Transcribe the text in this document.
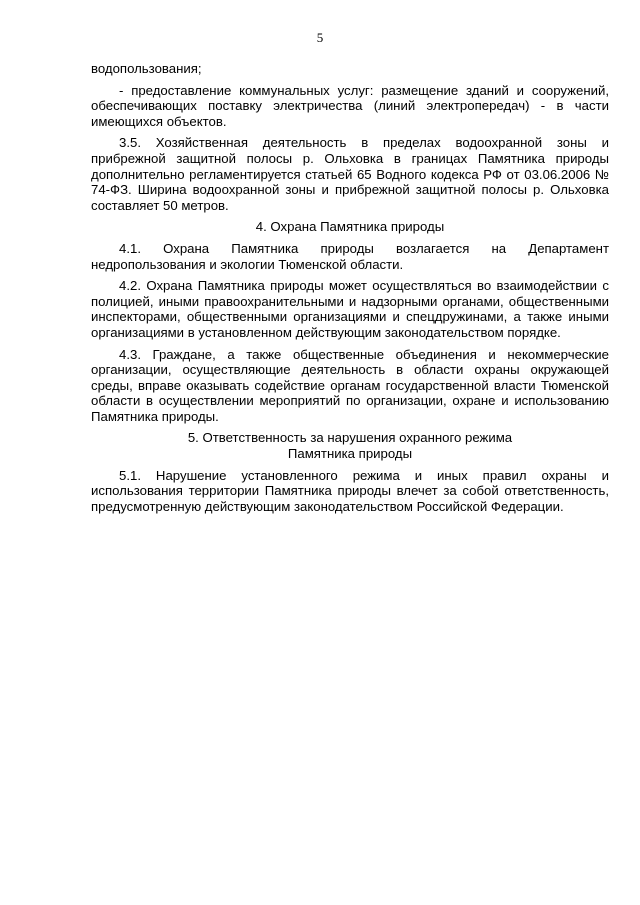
5

водопользования;

- предоставление коммунальных услуг: размещение зданий и сооружений, обеспечивающих поставку электричества (линий электропередач) - в части имеющихся объектов.

3.5. Хозяйственная деятельность в пределах водоохранной зоны и прибрежной защитной полосы р. Ольховка в границах Памятника природы дополнительно регламентируется статьей 65 Водного кодекса РФ от 03.06.2006 № 74-ФЗ. Ширина водоохранной зоны и прибрежной защитной полосы р. Ольховка составляет 50 метров.

4. Охрана Памятника природы

4.1. Охрана Памятника природы возлагается на Департамент недропользования и экологии Тюменской области.

4.2. Охрана Памятника природы может осуществляться во взаимодействии с полицией, иными правоохранительными и надзорными органами, общественными инспекторами, общественными организациями и спецдружинами, а также иными организациями в установленном действующим законодательством порядке.

4.3. Граждане, а также общественные объединения и некоммерческие организации, осуществляющие деятельность в области охраны окружающей среды, вправе оказывать содействие органам государственной власти Тюменской области в осуществлении мероприятий по организации, охране и использованию Памятника природы.

5. Ответственность за нарушения охранного режима
Памятника природы

5.1. Нарушение установленного режима и иных правил охраны и использования территории Памятника природы влечет за собой ответственность, предусмотренную действующим законодательством Российской Федерации.
